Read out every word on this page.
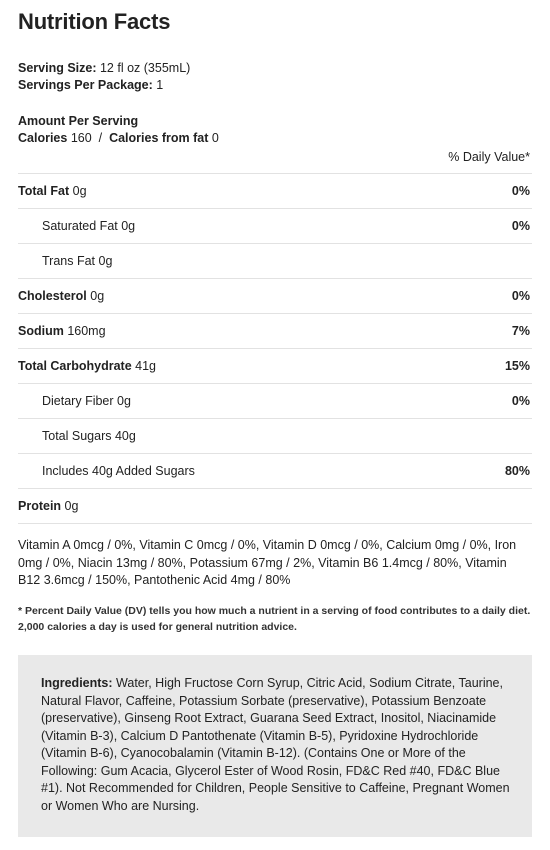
Nutrition Facts
Serving Size: 12 fl oz (355mL)
Servings Per Package: 1
Amount Per Serving
Calories 160 / Calories from fat 0
% Daily Value*
Total Fat 0g	0%
Saturated Fat 0g	0%
Trans Fat 0g
Cholesterol 0g	0%
Sodium 160mg	7%
Total Carbohydrate 41g	15%
Dietary Fiber 0g	0%
Total Sugars 40g
Includes 40g Added Sugars	80%
Protein 0g
Vitamin A 0mcg / 0%, Vitamin C 0mcg / 0%, Vitamin D 0mcg / 0%, Calcium 0mg / 0%, Iron 0mg / 0%, Niacin 13mg / 80%, Potassium 67mg / 2%, Vitamin B6 1.4mcg / 80%, Vitamin B12 3.6mcg / 150%, Pantothenic Acid 4mg / 80%
* Percent Daily Value (DV) tells you how much a nutrient in a serving of food contributes to a daily diet. 2,000 calories a day is used for general nutrition advice.
Ingredients: Water, High Fructose Corn Syrup, Citric Acid, Sodium Citrate, Taurine, Natural Flavor, Caffeine, Potassium Sorbate (preservative), Potassium Benzoate (preservative), Ginseng Root Extract, Guarana Seed Extract, Inositol, Niacinamide (Vitamin B-3), Calcium D Pantothenate (Vitamin B-5), Pyridoxine Hydrochloride (Vitamin B-6), Cyanocobalamin (Vitamin B-12). (Contains One or More of the Following: Gum Acacia, Glycerol Ester of Wood Rosin, FD&C Red #40, FD&C Blue #1). Not Recommended for Children, People Sensitive to Caffeine, Pregnant Women or Women Who are Nursing.
